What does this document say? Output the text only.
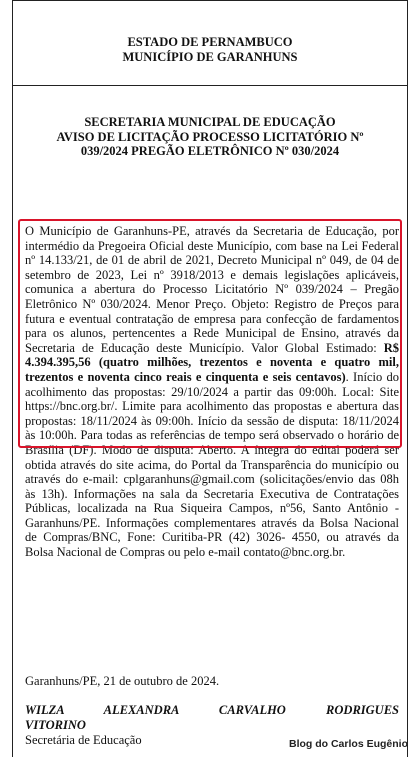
ESTADO DE PERNAMBUCO
MUNICÍPIO DE GARANHUNS
SECRETARIA MUNICIPAL DE EDUCAÇÃO
AVISO DE LICITAÇÃO PROCESSO LICITATÓRIO Nº
039/2024 PREGÃO ELETRÔNICO Nº 030/2024
O Município de Garanhuns-PE, através da Secretaria de Educação, por intermédio da Pregoeira Oficial deste Município, com base na Lei Federal nº 14.133/21, de 01 de abril de 2021, Decreto Municipal nº 049, de 04 de setembro de 2023, Lei nº 3918/2013 e demais legislações aplicáveis, comunica a abertura do Processo Licitatório Nº 039/2024 – Pregão Eletrônico Nº 030/2024. Menor Preço. Objeto: Registro de Preços para futura e eventual contratação de empresa para confecção de fardamentos para os alunos, pertencentes a Rede Municipal de Ensino, através da Secretaria de Educação deste Município. Valor Global Estimado: R$ 4.394.395,56 (quatro milhões, trezentos e noventa e quatro mil, trezentos e noventa cinco reais e cinquenta e seis centavos). Início do acolhimento das propostas: 29/10/2024 a partir das 09:00h. Local: Site https://bnc.org.br/. Limite para acolhimento das propostas e abertura das propostas: 18/11/2024 às 09:00h. Início da sessão de disputa: 18/11/2024 às 10:00h. Para todas as referências de tempo será observado o horário de Brasília (DF). Modo de disputa: Aberto. A íntegra do edital poderá ser obtida através do site acima, do Portal da Transparência do município ou através do e-mail: cplgaranhuns@gmail.com (solicitações/envio das 08h às 13h). Informações na sala da Secretaria Executiva de Contratações Públicas, localizada na Rua Siqueira Campos, nº56, Santo Antônio - Garanhuns/PE. Informações complementares através da Bolsa Nacional de Compras/BNC, Fone: Curitiba-PR (42) 3026- 4550, ou através da Bolsa Nacional de Compras ou pelo e-mail contato@bnc.org.br.
Garanhuns/PE, 21 de outubro de 2024.
WILZA ALEXANDRA CARVALHO RODRIGUES
VITORINO
Secretária de Educação	Blog do Carlos Eugênio
